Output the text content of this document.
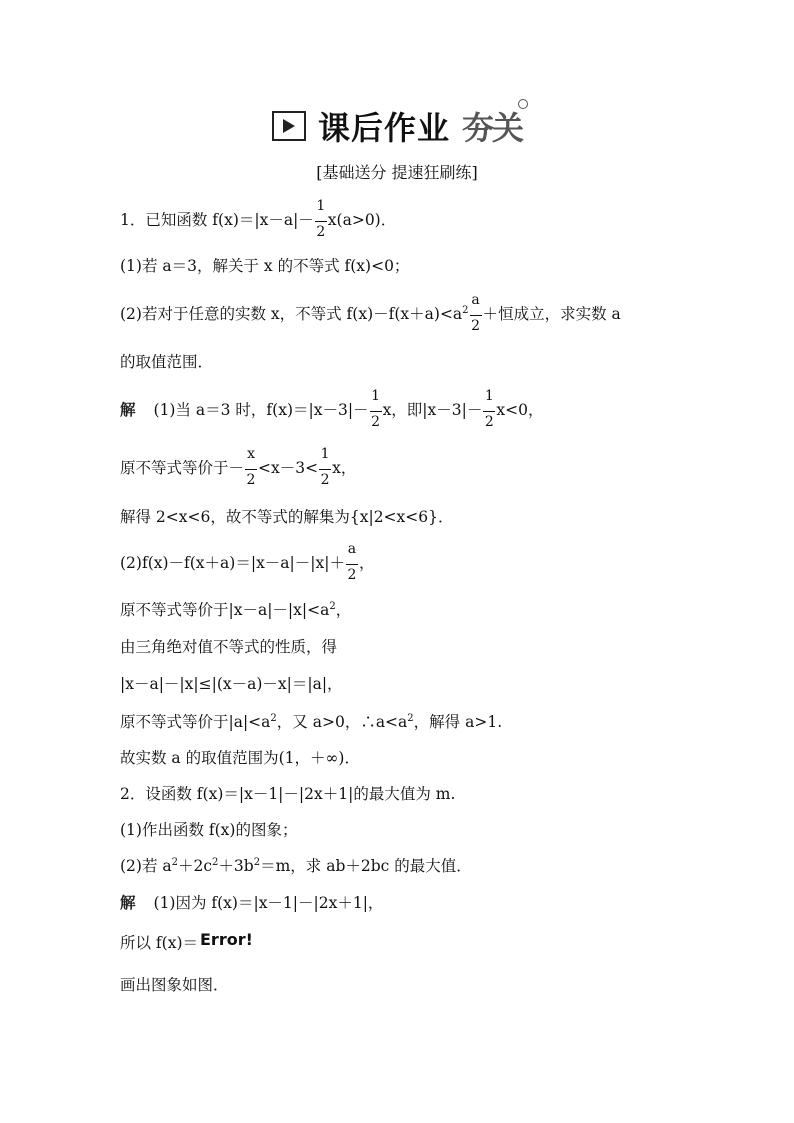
课后作业 夯关
[基础送分 提速狂刷练]
1．已知函数 $f(x)=|x-a|- \frac{1}{2} x(a>0)$．
(1)若 a＝3，解关于 x 的不等式 f(x)<0；
(2)若对于任意的实数 x，不等式 $f(x)-f(x+a)<a^2 \frac{a}{2}$ ＋恒成立，求实数 a
的取值范围．
解 (1)当 a＝3 时，$f(x)=|x-3|- \frac{1}{2}$ x，即$|x-3|- \frac{1}{2} x<0$，
原不等式等价于－ $\frac{x}{2} <x-3< \frac{1}{2}$ x，
解得 2<x<6，故不等式的解集为{x|2<x<6}．
$(2)f(x)-f(x+a)=|x-a|-|x|+ \frac{a}{2}$ ，
原不等式等价于$|x-a|-|x|<a^2$，
由三角绝对值不等式的性质，得
|x－a|－|x|≤|(x－a)－x|＝|a|，
原不等式等价于$|a|<a^2$，又 a>0，$\therefore a<a^2$，解得 a>1.
故实数 a 的取值范围为(1，＋∞)．
2．设函数 f(x)＝|x－1|－|2x＋1|的最大值为 m.
(1)作出函数 f(x)的图象；
(2)若 $a^2+2c^2+3b^2=m$，求 ab＋2bc 的最大值．
解 (1)因为 f(x)＝|x－1|－|2x＋1|，
所以 f(x)＝ Error!
画出图象如图．
